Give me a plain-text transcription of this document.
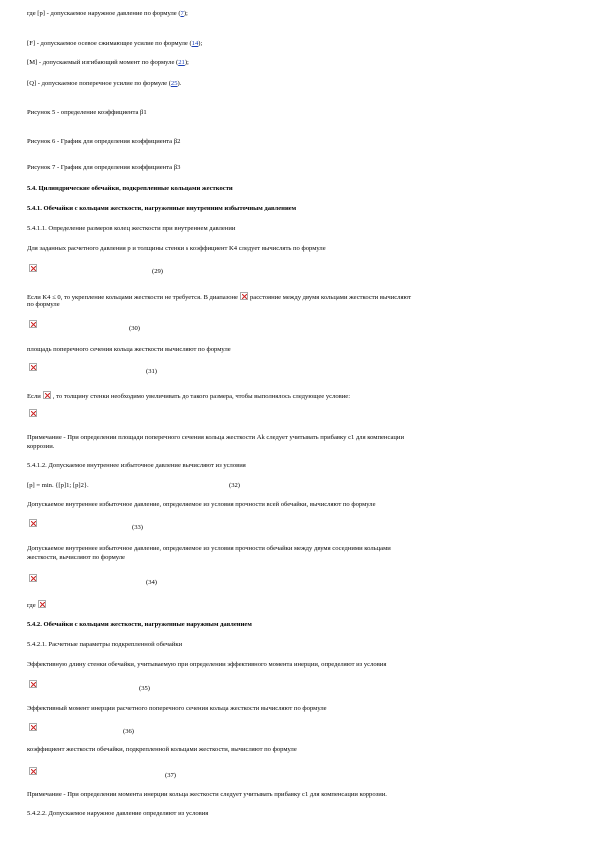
где [p] - допускаемое наружное давление по формуле (7);
[F] - допускаемое осевое сжимающее усилие по формуле (14);
[M] - допускаемый изгибающий момент по формуле (21);
[Q] - допускаемое поперечное усилие по формуле (25).
Рисунок 5 - определение коэффициента β1
Рисунок 6 - График для определения коэффициента β2
Рисунок 7 - График для определения коэффициента β3
5.4. Цилиндрические обечайки, подкрепленные кольцами жесткости
5.4.1. Обечайки с кольцами жесткости, нагруженные внутренним избыточным давлением
5.4.1.1. Определение размеров колец жесткости при внутреннем давлении
Для заданных расчетного давления p и толщины стенки s коэффициент K4 следует вычислять по формуле
(29)
Если K4 ≤ 0, то укрепление кольцами жесткости не требуется. В диапазоне расстояние между двумя кольцами жесткости вычисляют
по формуле
(30)
площадь поперечного сечения кольца жесткости вычисляют по формуле
(31)
Если , то толщину стенки необходимо увеличивать до такого размера, чтобы выполнялось следующее условие:
Примечание - При определении площади поперечного сечения кольца жесткости Ak следует учитывать прибавку c1 для компенсации
коррозии.
5.4.1.2. Допускаемое внутреннее избыточное давление вычисляют из условия
[p] = min. {[p]1; [p]2}.	(32)
Допускаемое внутреннее избыточное давление, определяемое из условия прочности всей обечайки, вычисляют по формуле
(33)
Допускаемое внутреннее избыточное давление, определяемое из условия прочности обечайки между двумя соседними кольцами
жесткости, вычисляют по формуле
(34)
где
5.4.2. Обечайки с кольцами жесткости, нагруженные наружным давлением
5.4.2.1. Расчетные параметры подкрепленной обечайки
Эффективную длину стенки обечайки, учитываемую при определении эффективного момента инерции, определяют из условия
(35)
Эффективный момент инерции расчетного поперечного сечения кольца жесткости вычисляют по формуле
(36)
коэффициент жесткости обечайки, подкрепленной кольцами жесткости, вычисляют по формуле
(37)
Примечание - При определении момента инерции кольца жесткости следует учитывать прибавку c1 для компенсации коррозии.
5.4.2.2. Допускаемое наружное давление определяют из условия
